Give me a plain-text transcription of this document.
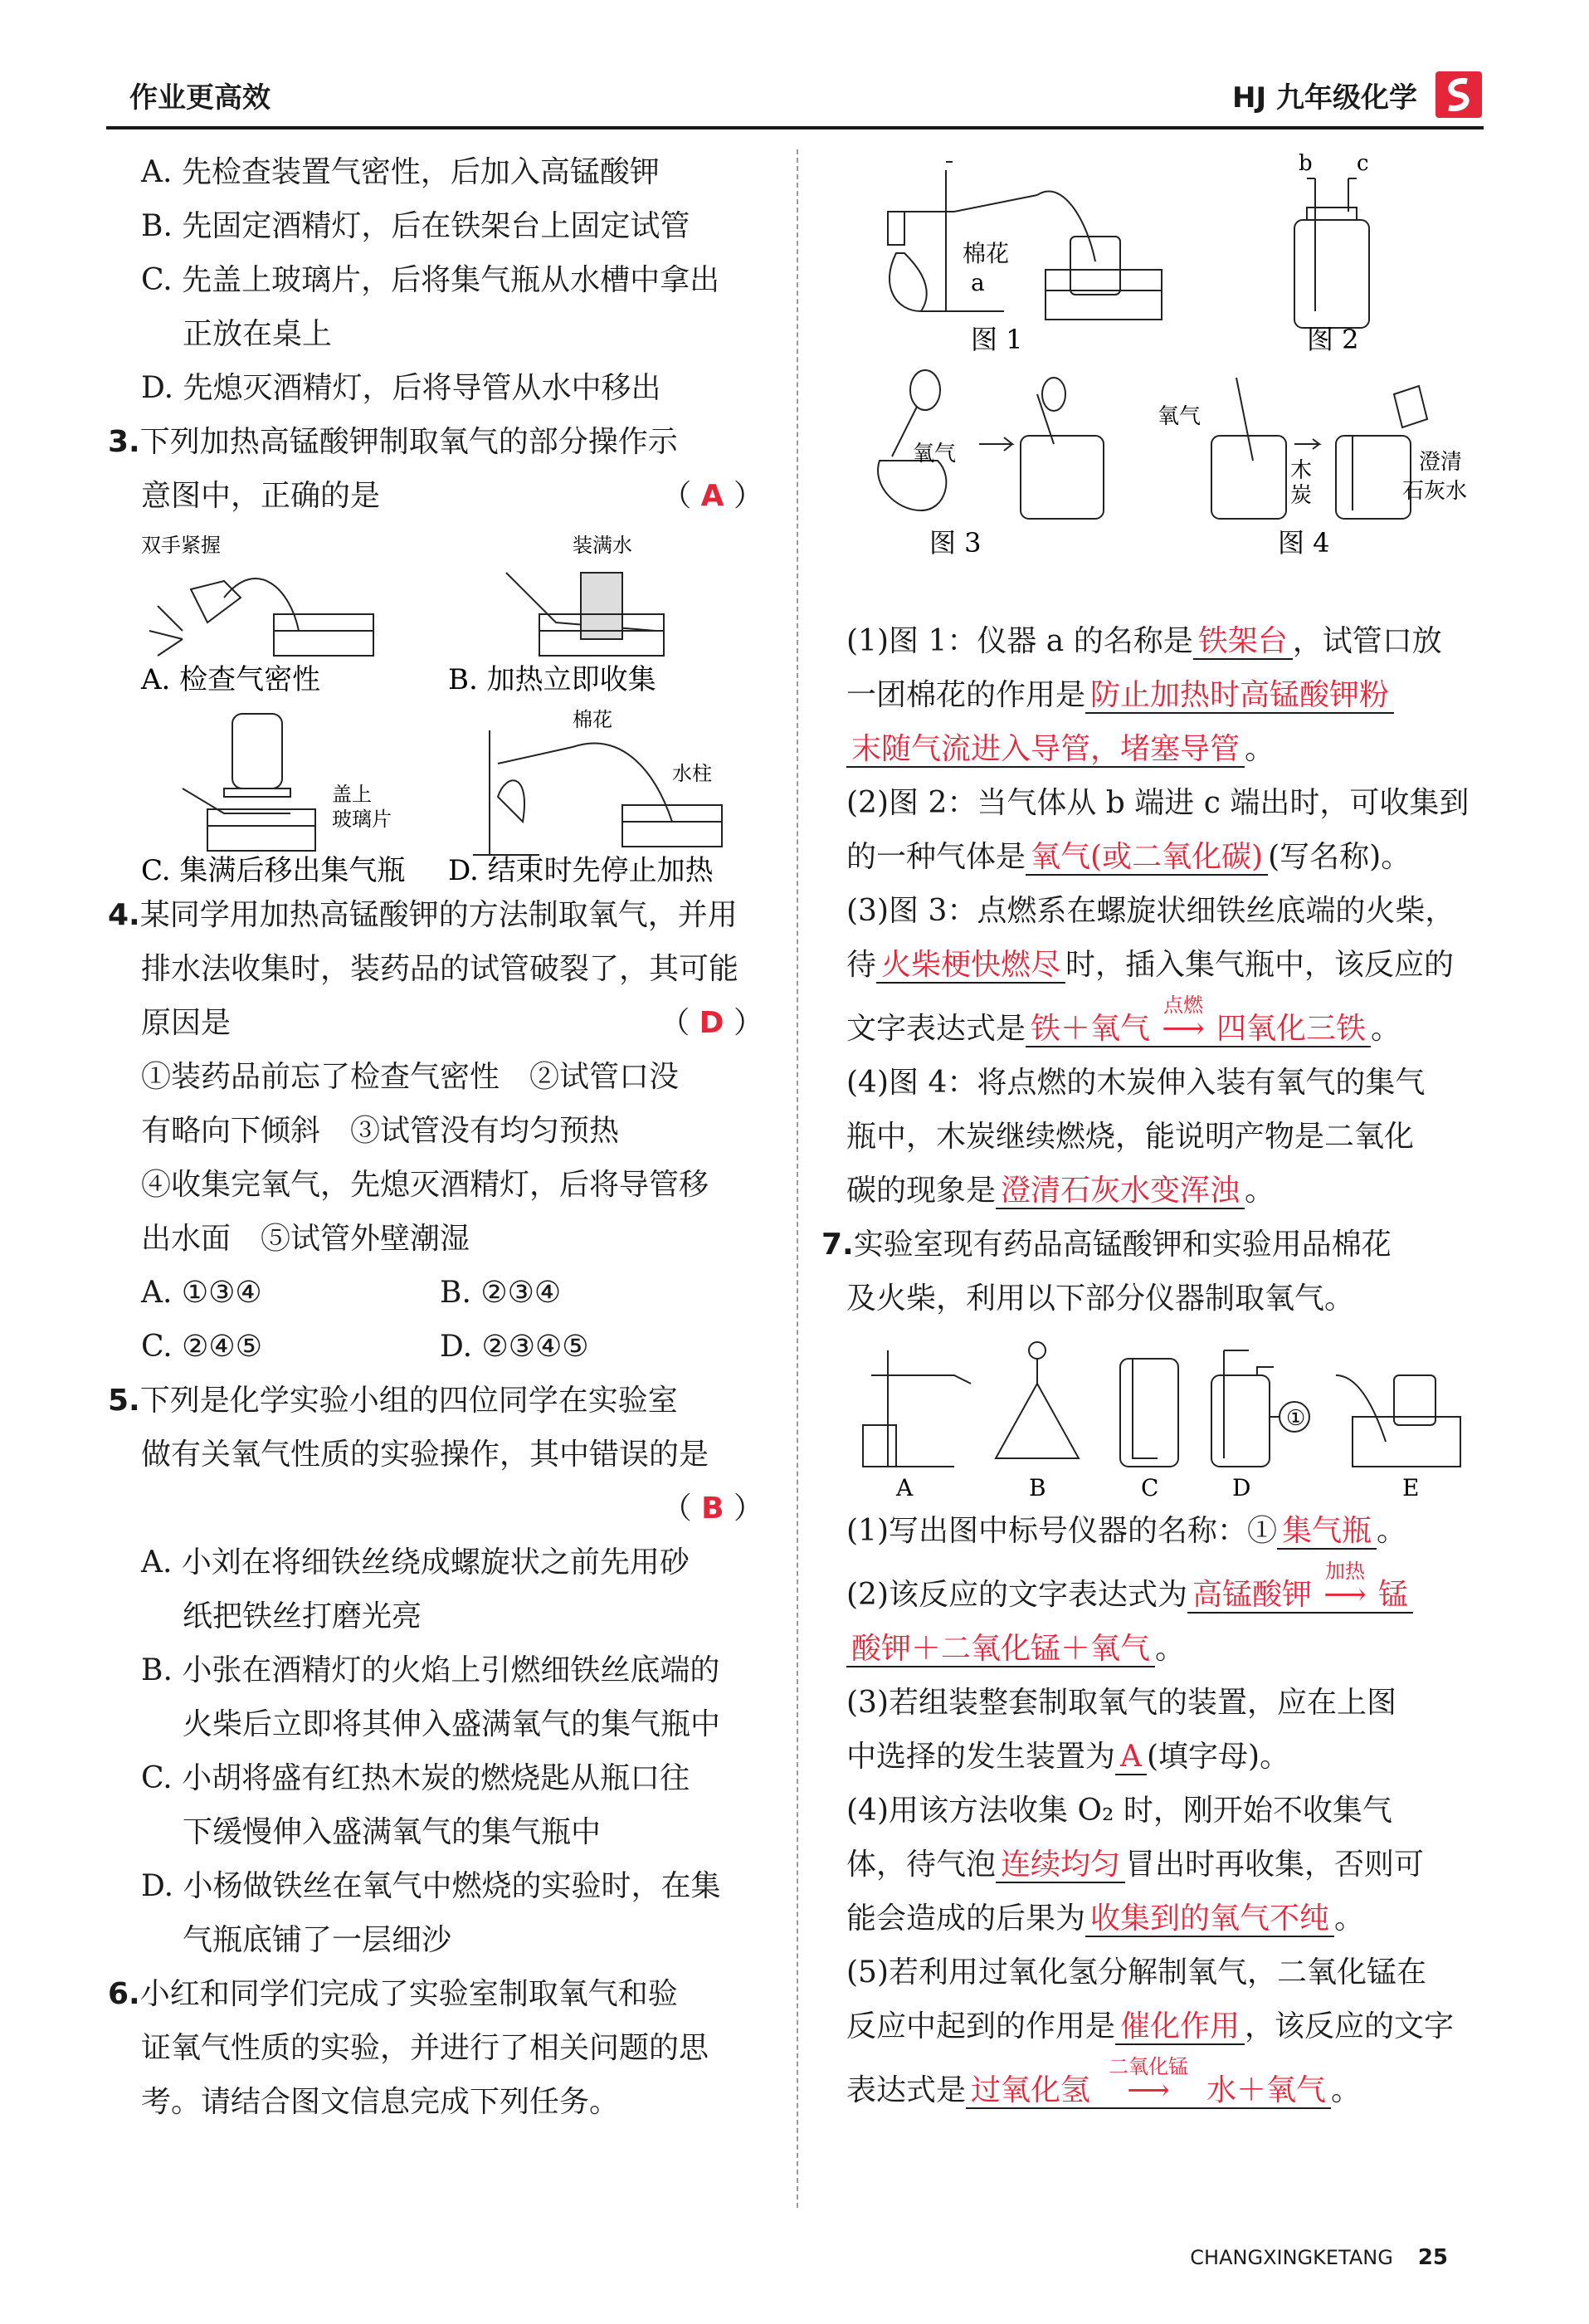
作业更高效	HJ 九年级化学
A. 先检查装置气密性，后加入高锰酸钾
B. 先固定酒精灯，后在铁架台上固定试管
C. 先盖上玻璃片，后将集气瓶从水槽中拿出
正放在桌上
D. 先熄灭酒精灯，后将导管从水中移出
3.下列加热高锰酸钾制取氧气的部分操作示
意图中，正确的是	（ A ）
双手紧握	装满水
A. 检查气密性	B. 加热立即收集
盖上
玻璃片
棉花
水柱
C. 集满后移出集气瓶 D. 结束时先停止加热
4.某同学用加热高锰酸钾的方法制取氧气，并用
排水法收集时，装药品的试管破裂了，其可能
原因是	（ D ）
①装药品前忘了检查气密性　②试管口没
有略向下倾斜　③试管没有均匀预热
④收集完氧气，先熄灭酒精灯，后将导管移
出水面　⑤试管外壁潮湿
A. ①③④	B. ②③④
C. ②④⑤	D. ②③④⑤
5.下列是化学实验小组的四位同学在实验室
做有关氧气性质的实验操作，其中错误的是
（ B ）

A. 小刘在将细铁丝绕成螺旋状之前先用砂
纸把铁丝打磨光亮
B. 小张在酒精灯的火焰上引燃细铁丝底端的
火柴后立即将其伸入盛满氧气的集气瓶中
C. 小胡将盛有红热木炭的燃烧匙从瓶口往
下缓慢伸入盛满氧气的集气瓶中
D. 小杨做铁丝在氧气中燃烧的实验时，在集
气瓶底铺了一层细沙
6.小红和同学们完成了实验室制取氧气和验
证氧气性质的实验，并进行了相关问题的思
考。请结合图文信息完成下列任务。
棉花
a
图 1
b c
图 2
氧气
图 3
氧气
木
炭
澄清
石灰水
图 4
(1)图 1：仪器 a 的名称是 铁架台 ，试管口放
一团棉花的作用是 防止加热时高锰酸钾粉
末随气流进入导管，堵塞导管 。
(2)图 2：当气体从 b 端进 c 端出时，可收集到
的一种气体是 氧气(或二氧化碳) (写名称)。
(3)图 3：点燃系在螺旋状细铁丝底端的火柴，
待 火柴梗快燃尽 时，插入集气瓶中，该反应的
文字表达式是 铁＋氧气
点燃
⟶ 四氧化三铁 。
(4)图 4：将点燃的木炭伸入装有氧气的集气
瓶中，木炭继续燃烧，能说明产物是二氧化
碳的现象是 澄清石灰水变浑浊 。
7.实验室现有药品高锰酸钾和实验用品棉花
及火柴，利用以下部分仪器制取氧气。
①
A	B	C	D	E
(1)写出图中标号仪器的名称：① 集气瓶 。
(2)该反应的文字表达式为 高锰酸钾
加热
⟶ 锰
酸钾＋二氧化锰＋氧气 。
(3)若组装整套制取氧气的装置，应在上图
中选择的发生装置为 A (填字母)。
(4)用该方法收集 O₂ 时，刚开始不收集气
体，待气泡 连续均匀 冒出时再收集，否则可
能会造成的后果为 收集到的氧气不纯 。
(5)若利用过氧化氢分解制氧气，二氧化锰在
反应中起到的作用是 催化作用 ，该反应的文字
表达式是 过氧化氢
二氧化锰
⟶ 水＋氧气 。
CHANGXINGKETANG 25
